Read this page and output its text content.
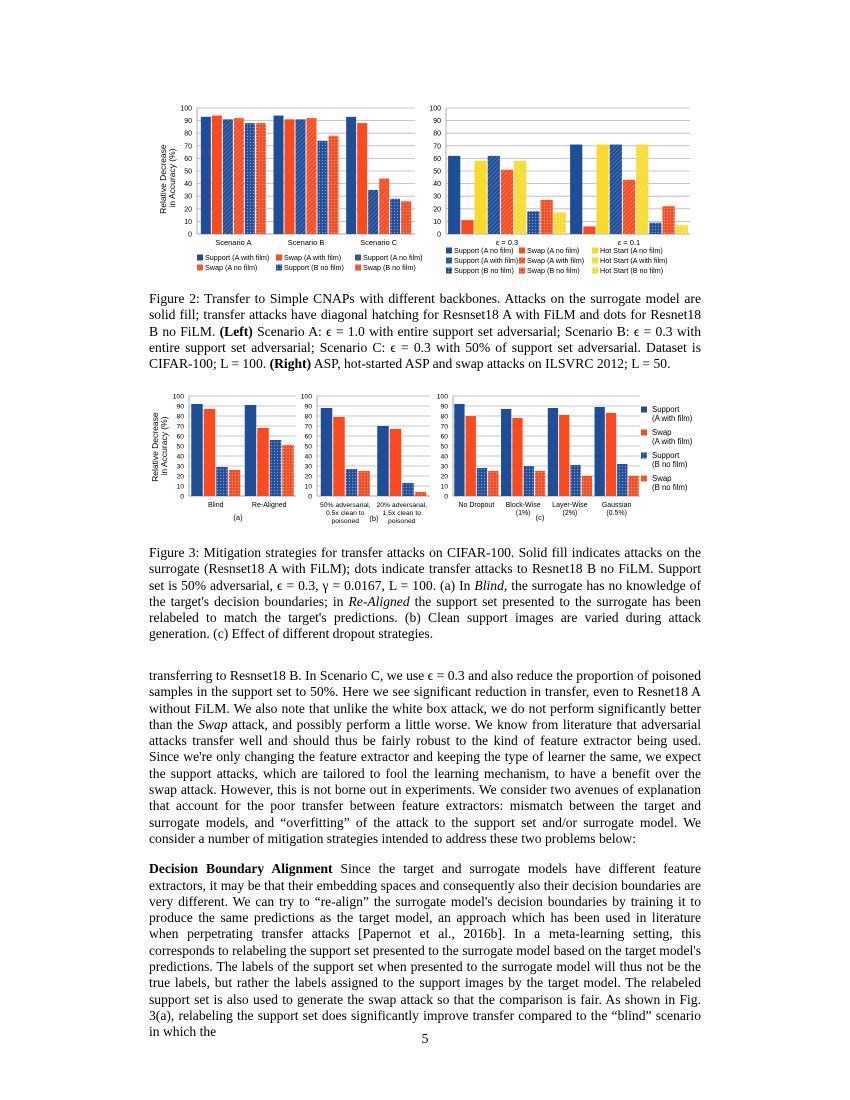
0
10
20
30
40
50
60
70
80
90
100
Scenario A	Scenario B	Scenario C
0
10
20
30
40
50
60
70
80
90
100
ε = 0.3	ε = 0.1
Support (A with film) Swap (A with film)	Support (A no film)
Swap (A no film)	Support (B no film)	Swap (B no film)
Support (A no film) Swap (A no film)	Hot Start (A no film)
Support (A with film) Swap (A with film) Hot Start (A with film)
Support (B no film) Swap (B no film)	Hot Start (B no film)
Relative Decrease in Accuracy (%)

Figure 2: Transfer to Simple CNAPs with different backbones. Attacks on the surrogate model are solid fill; transfer attacks have diagonal hatching for Resnset18 A with FiLM and dots for Resnet18 B no FiLM. (Left) Scenario A: ϵ = 1.0 with entire support set adversarial; Scenario B: ϵ = 0.3 with entire support set adversarial; Scenario C: ϵ = 0.3 with 50% of support set adversarial. Dataset is CIFAR-100; L = 100. (Right) ASP, hot-started ASP and swap attacks on ILSVRC 2012; L = 50.

0
10
20
30
40
50
60
70
80
90
100
Blind	Re-Aligned
(a)
0
10
20
30
40
50
60
70
80
90
100
50% adversarial,
0.5x clean to
poisoned
20% adversarial,
1.5x clean to
poisoned
(b)
0
10
20
30
40
50
60
70
80
90
100
No Dropout Block-Wise
(1%)
Layer-Wise
(2%)
Gaussian
(0.5%)
(c)
Support
(A with film)
Swap
(A with film)
Support
(B no film)
Swap
(B no film)
Relative Decrease in Accuracy (%)

Figure 3: Mitigation strategies for transfer attacks on CIFAR-100. Solid fill indicates attacks on the surrogate (Resnset18 A with FiLM); dots indicate transfer attacks to Resnet18 B no FiLM. Support set is 50% adversarial, ϵ = 0.3, γ = 0.0167, L = 100. (a) In Blind, the surrogate has no knowledge of the target's decision boundaries; in Re-Aligned the support set presented to the surrogate has been relabeled to match the target's predictions. (b) Clean support images are varied during attack generation. (c) Effect of different dropout strategies.

transferring to Resnset18 B. In Scenario C, we use ϵ = 0.3 and also reduce the proportion of poisoned samples in the support set to 50%. Here we see significant reduction in transfer, even to Resnet18 A without FiLM. We also note that unlike the white box attack, we do not perform significantly better than the Swap attack, and possibly perform a little worse. We know from literature that adversarial attacks transfer well and should thus be fairly robust to the kind of feature extractor being used. Since we're only changing the feature extractor and keeping the type of learner the same, we expect the support attacks, which are tailored to fool the learning mechanism, to have a benefit over the swap attack. However, this is not borne out in experiments. We consider two avenues of explanation that account for the poor transfer between feature extractors: mismatch between the target and surrogate models, and “overfitting” of the attack to the support set and/or surrogate model. We consider a number of mitigation strategies intended to address these two problems below:

Decision Boundary Alignment Since the target and surrogate models have different feature extractors, it may be that their embedding spaces and consequently also their decision boundaries are very different. We can try to “re-align” the surrogate model's decision boundaries by training it to produce the same predictions as the target model, an approach which has been used in literature when perpetrating transfer attacks [Papernot et al., 2016b]. In a meta-learning setting, this corresponds to relabeling the support set presented to the surrogate model based on the target model's predictions. The labels of the support set when presented to the surrogate model will thus not be the true labels, but rather the labels assigned to the support images by the target model. The relabeled support set is also used to generate the swap attack so that the comparison is fair. As shown in Fig. 3(a), relabeling the support set does significantly improve transfer compared to the “blind” scenario in which the	5
